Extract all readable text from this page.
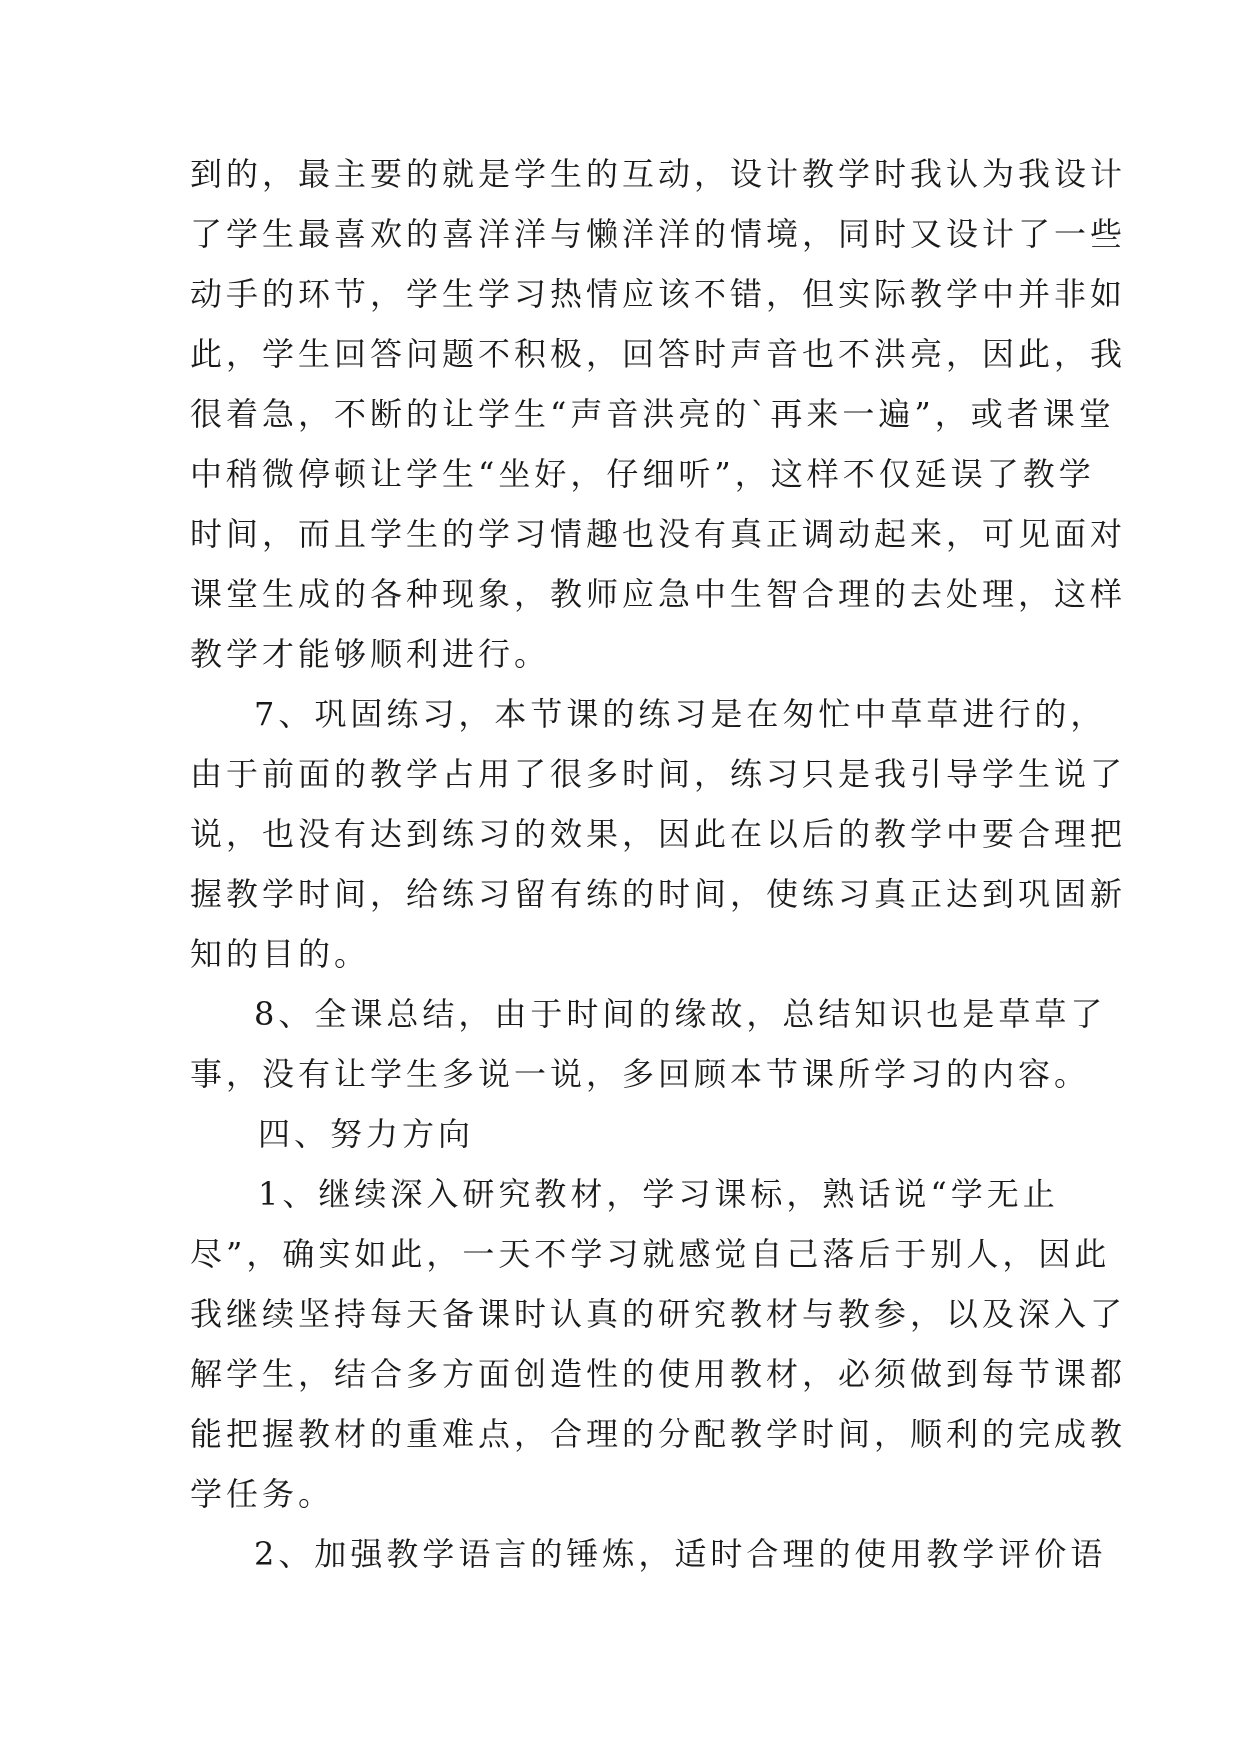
到的，最主要的就是学生的互动，设计教学时我认为我设计
了学生最喜欢的喜洋洋与懒洋洋的情境，同时又设计了一些
动手的环节，学生学习热情应该不错，但实际教学中并非如
此，学生回答问题不积极，回答时声音也不洪亮，因此，我
很着急，不断的让学生“声音洪亮的`再来一遍”，或者课堂
中稍微停顿让学生“坐好，仔细听”，这样不仅延误了教学
时间，而且学生的学习情趣也没有真正调动起来，可见面对
课堂生成的各种现象，教师应急中生智合理的去处理，这样
教学才能够顺利进行。
7、巩固练习，本节课的练习是在匆忙中草草进行的，
由于前面的教学占用了很多时间，练习只是我引导学生说了
说，也没有达到练习的效果，因此在以后的教学中要合理把
握教学时间，给练习留有练的时间，使练习真正达到巩固新
知的目的。
8、全课总结，由于时间的缘故，总结知识也是草草了
事，没有让学生多说一说，多回顾本节课所学习的内容。
四、努力方向
1、继续深入研究教材，学习课标，熟话说“学无止
尽”，确实如此，一天不学习就感觉自己落后于别人，因此
我继续坚持每天备课时认真的研究教材与教参，以及深入了
解学生，结合多方面创造性的使用教材，必须做到每节课都
能把握教材的重难点，合理的分配教学时间，顺利的完成教
学任务。
2、加强教学语言的锤炼，适时合理的使用教学评价语
